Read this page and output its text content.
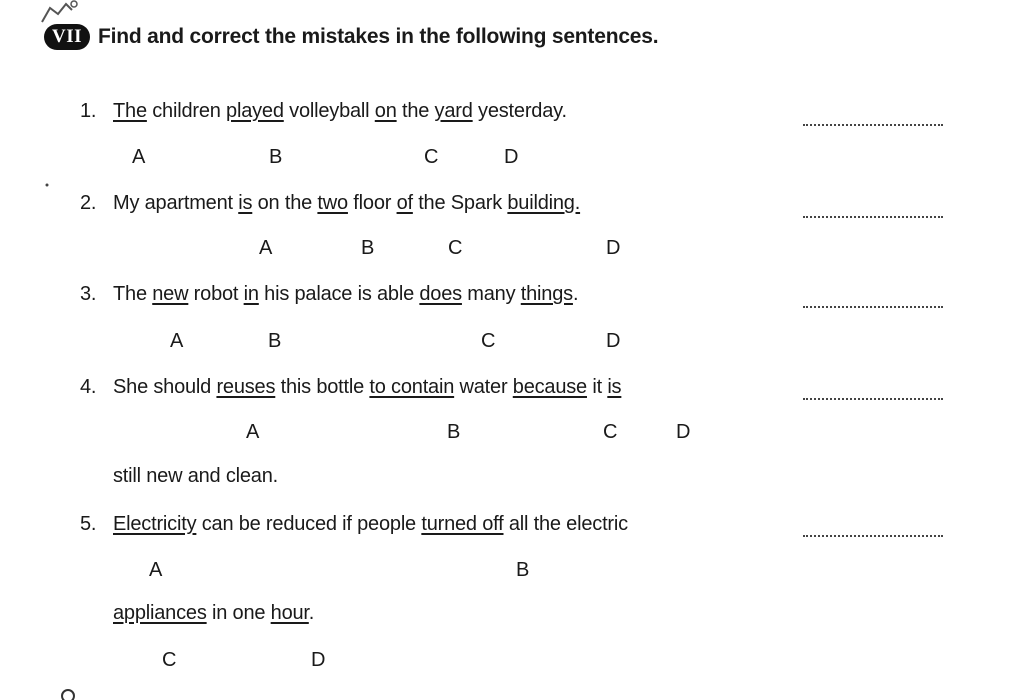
VII Find and correct the mistakes in the following sentences.
1. The children played volleyball on the yard yesterday.
A	B	C	D
2. My apartment is on the two floor of the Spark building.
A	B	C	D
3. The new robot in his palace is able does many things.
A	B	C	D
4. She should reuses this bottle to contain water because it is
A	B	C	D
still new and clean.
5. Electricity can be reduced if people turned off all the electric
A	B
appliances in one hour.
C	D
